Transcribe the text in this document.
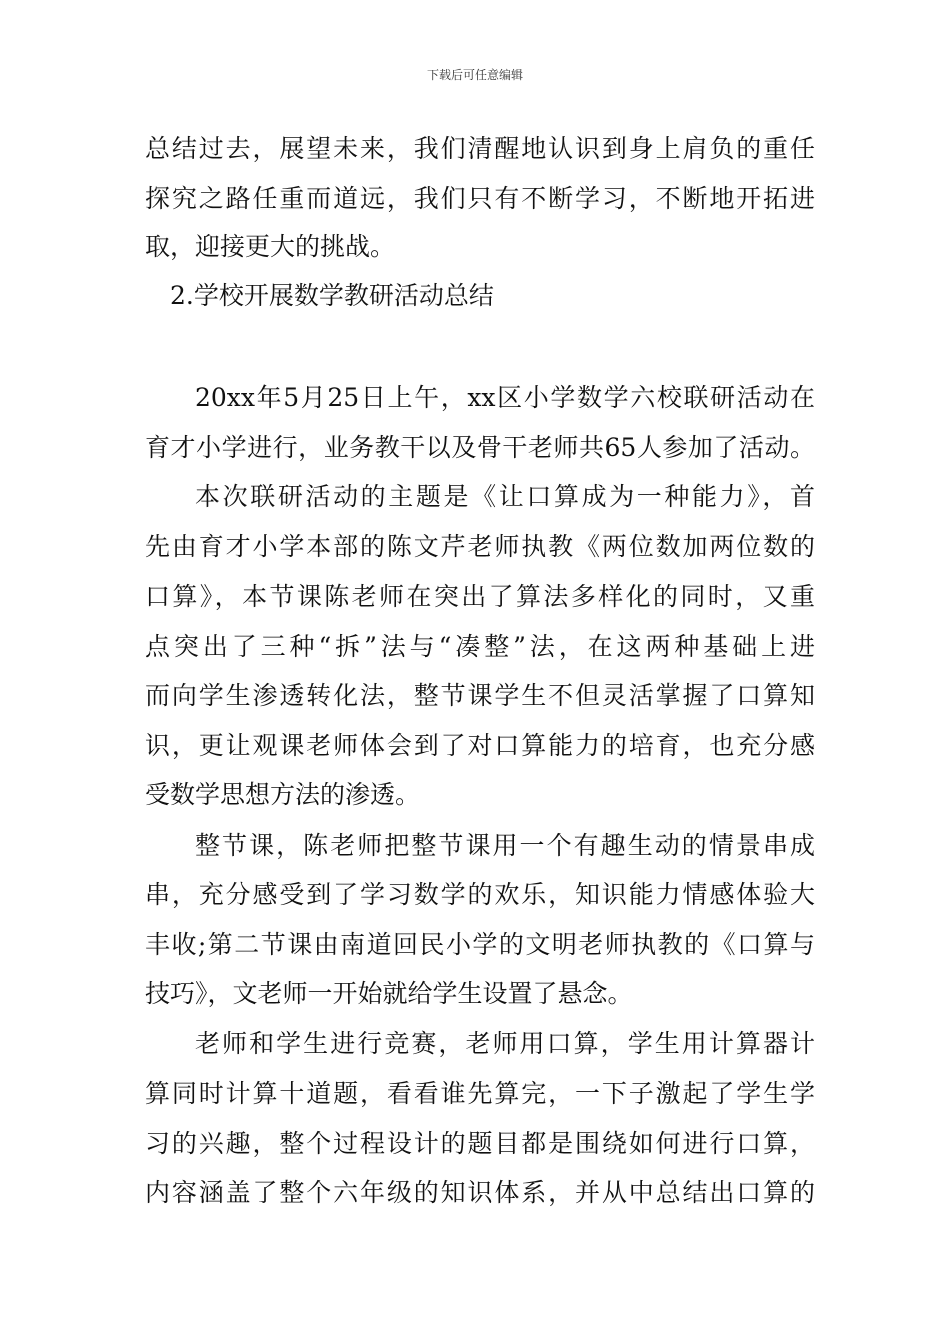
下载后可任意编辑
总结过去，展望未来，我们清醒地认识到身上肩负的重任
探究之路任重而道远，我们只有不断学习，不断地开拓进
取，迎接更大的挑战。
2.学校开展数学教研活动总结
20xx年5月25日上午，xx区小学数学六校联研活动在
育才小学进行，业务教干以及骨干老师共65人参加了活动。
本次联研活动的主题是《让口算成为一种能力》，首
先由育才小学本部的陈文芹老师执教《两位数加两位数的
口算》，本节课陈老师在突出了算法多样化的同时，又重
点突出了三种“拆”法与“凑整”法，在这两种基础上进
而向学生渗透转化法，整节课学生不但灵活掌握了口算知
识，更让观课老师体会到了对口算能力的培育，也充分感
受数学思想方法的渗透。
整节课，陈老师把整节课用一个有趣生动的情景串成
串，充分感受到了学习数学的欢乐，知识能力情感体验大
丰收;第二节课由南道回民小学的文明老师执教的《口算与
技巧》，文老师一开始就给学生设置了悬念。
老师和学生进行竞赛，老师用口算，学生用计算器计
算同时计算十道题，看看谁先算完，一下子激起了学生学
习的兴趣，整个过程设计的题目都是围绕如何进行口算，
内容涵盖了整个六年级的知识体系，并从中总结出口算的
